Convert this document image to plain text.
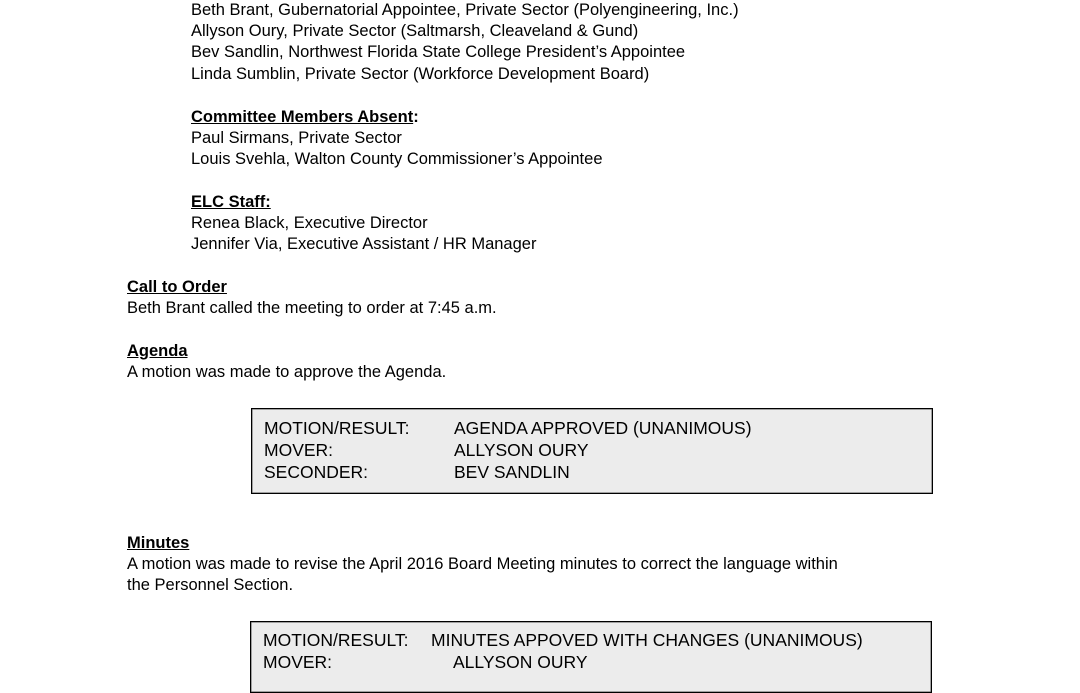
Beth Brant, Gubernatorial Appointee, Private Sector (Polyengineering, Inc.)
Allyson Oury, Private Sector (Saltmarsh, Cleaveland & Gund)
Bev Sandlin, Northwest Florida State College President’s Appointee
Linda Sumblin, Private Sector (Workforce Development Board)
Committee Members Absent:
Paul Sirmans, Private Sector
Louis Svehla, Walton County Commissioner’s Appointee
ELC Staff:
Renea Black, Executive Director
Jennifer Via, Executive Assistant / HR Manager
Call to Order
Beth Brant called the meeting to order at 7:45 a.m.
Agenda
A motion was made to approve the Agenda.
MOTION/RESULT:	AGENDA APPROVED (UNANIMOUS)
MOVER:	ALLYSON OURY
SECONDER:	BEV SANDLIN
Minutes
A motion was made to revise the April 2016 Board Meeting minutes to correct the language within
the Personnel Section.
MOTION/RESULT: MINUTES APPOVED WITH CHANGES (UNANIMOUS)
MOVER:	ALLYSON OURY
